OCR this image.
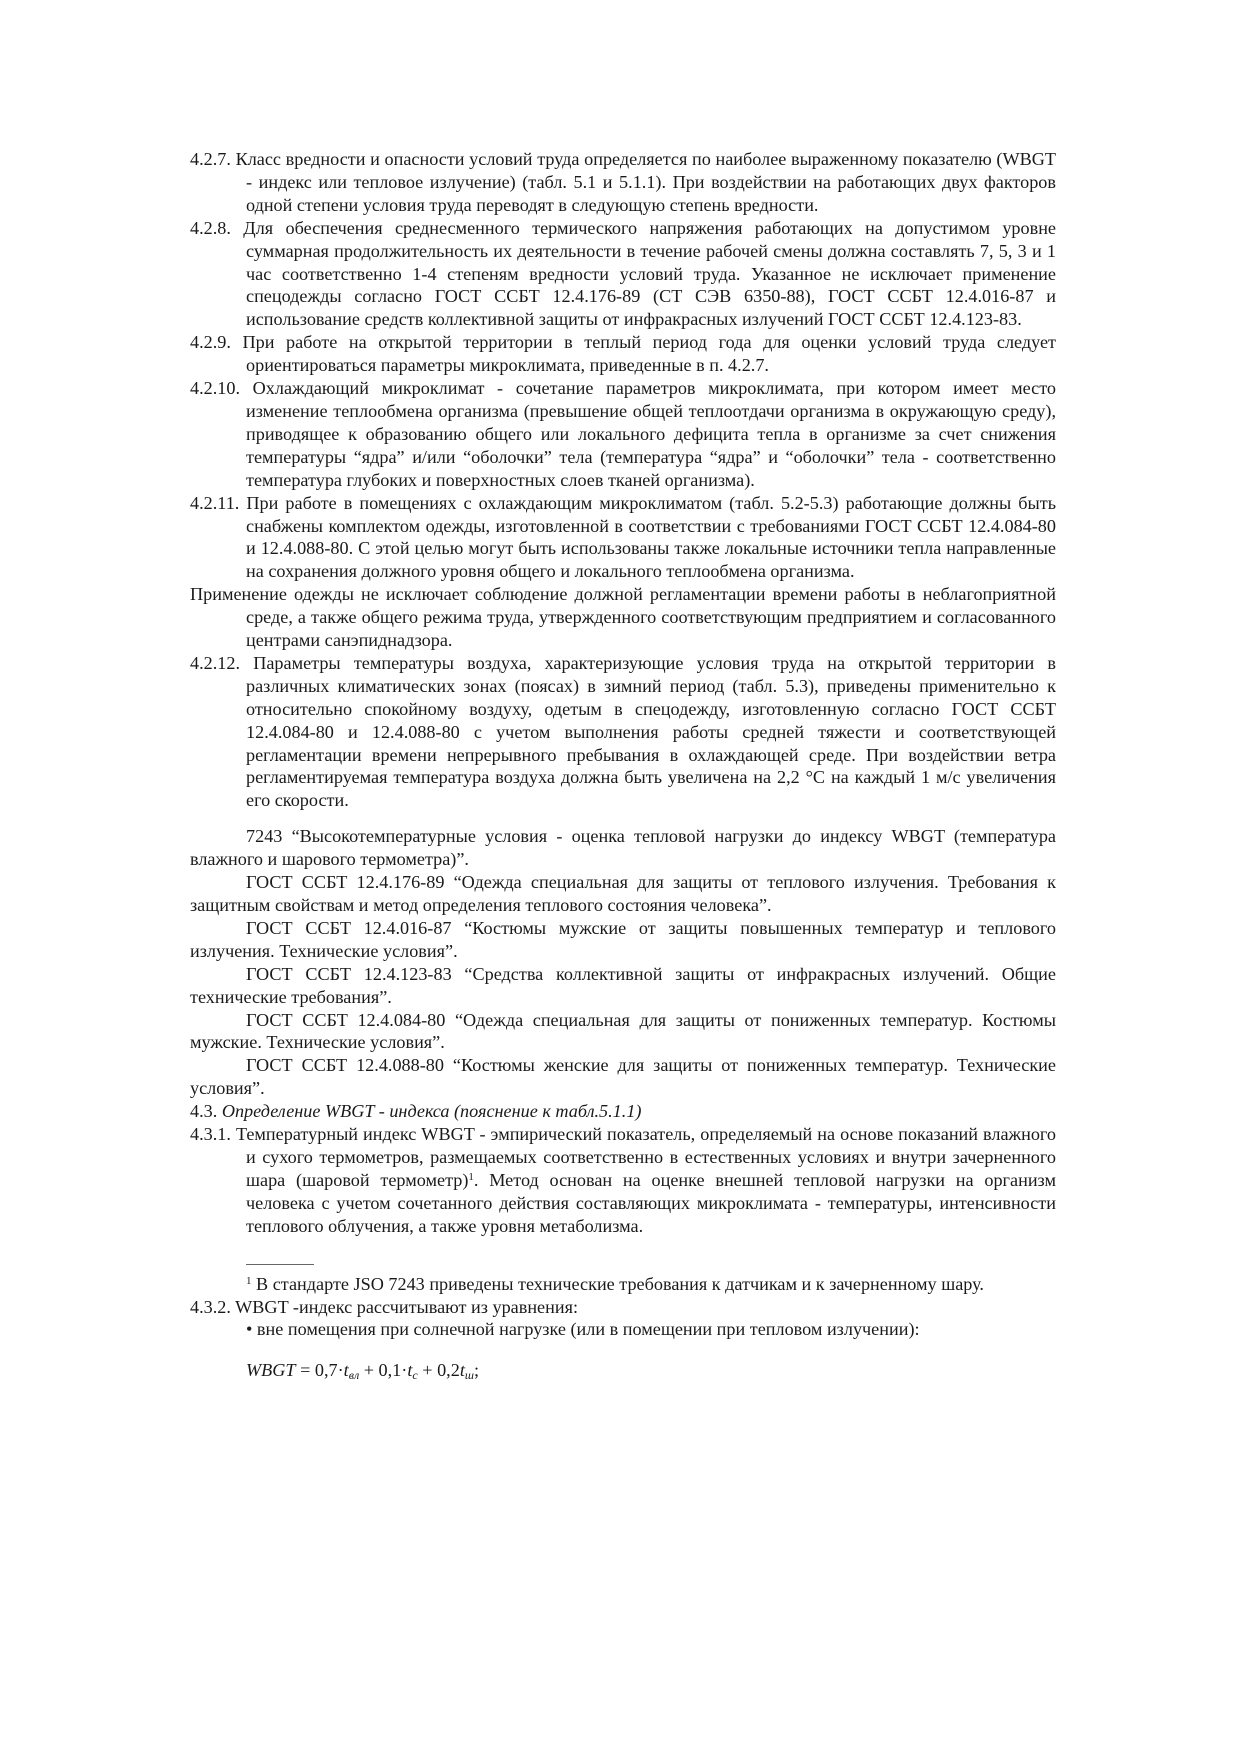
4.2.7. Класс вредности и опасности условий труда определяется по наиболее выраженному показателю (WBGT - индекс или тепловое излучение) (табл. 5.1 и 5.1.1). При воздействии на работающих двух факторов одной степени условия труда переводят в следующую степень вредности.

4.2.8. Для обеспечения среднесменного термического напряжения работающих на допустимом уровне суммарная продолжительность их деятельности в течение рабочей смены должна составлять 7, 5, 3 и 1 час соответственно 1-4 степеням вредности условий труда. Указанное не исключает применение спецодежды согласно ГОСТ ССБТ 12.4.176-89 (СТ СЭВ 6350-88), ГОСТ ССБТ 12.4.016-87 и использование средств коллективной защиты от инфракрасных излучений ГОСТ ССБТ 12.4.123-83.

4.2.9. При работе на открытой территории в теплый период года для оценки условий труда следует ориентироваться параметры микроклимата, приведенные в п. 4.2.7.

4.2.10. Охлаждающий микроклимат - сочетание параметров микроклимата, при котором имеет место изменение теплообмена организма (превышение общей теплоотдачи организма в окружающую среду), приводящее к образованию общего или локального дефицита тепла в организме за счет снижения температуры “ядра” и/или “оболочки” тела (температура “ядра” и “оболочки” тела - соответственно температура глубоких и поверхностных слоев тканей организма).

4.2.11. При работе в помещениях с охлаждающим микроклиматом (табл. 5.2-5.3) работающие должны быть снабжены комплектом одежды, изготовленной в соответствии с требованиями ГОСТ ССБТ 12.4.084-80 и 12.4.088-80. С этой целью могут быть использованы также локальные источники тепла направленные на сохранения должного уровня общего и локального теплообмена организма.

Применение одежды не исключает соблюдение должной регламентации времени работы в неблагоприятной среде, а также общего режима труда, утвержденного соответствующим предприятием и согласованного центрами санэпиднадзора.

4.2.12. Параметры температуры воздуха, характеризующие условия труда на открытой территории в различных климатических зонах (поясах) в зимний период (табл. 5.3), приведены применительно к относительно спокойному воздуху, одетым в спецодежду, изготовленную согласно ГОСТ ССБТ 12.4.084-80 и 12.4.088-80 с учетом выполнения работы средней тяжести и соответствующей регламентации времени непрерывного пребывания в охлаждающей среде. При воздействии ветра регламентируемая температура воздуха должна быть увеличена на 2,2 °С на каждый 1 м/с увеличения его скорости.

7243 “Высокотемпературные условия - оценка тепловой нагрузки до индексу WBGT (температура влажного и шарового термометра)”.

ГОСТ ССБТ 12.4.176-89 “Одежда специальная для защиты от теплового излучения. Требования к защитным свойствам и метод определения теплового состояния человека”.

ГОСТ ССБТ 12.4.016-87 “Костюмы мужские от защиты повышенных температур и теплового излучения. Технические условия”.

ГОСТ ССБТ 12.4.123-83 “Средства коллективной защиты от инфракрасных излучений. Общие технические требования”.

ГОСТ ССБТ 12.4.084-80 “Одежда специальная для защиты от пониженных температур. Костюмы мужские. Технические условия”.

ГОСТ ССБТ 12.4.088-80 “Костюмы женские для защиты от пониженных температур. Технические условия”.

4.3. Определение WBGT - индекса (пояснение к табл.5.1.1)

4.3.1. Температурный индекс WBGT - эмпирический показатель, определяемый на основе показаний влажного и сухого термометров, размещаемых соответственно в естественных условиях и внутри зачерненного шара (шаровой термометр)$^1$. Метод основан на оценке внешней тепловой нагрузки на организм человека с учетом сочетанного действия составляющих микроклимата - температуры, интенсивности теплового облучения, а также уровня метаболизма.

$^1$ В стандарте JSO 7243 приведены технические требования к датчикам и к зачерненному шару.

4.3.2. WBGT -индекс рассчитывают из уравнения:

• вне помещения при солнечной нагрузке (или в помещении при тепловом излучении):

WBGT = $0,7\cdot t_{вл} + 0,1\cdot t_с + 0,2t_ш$;
